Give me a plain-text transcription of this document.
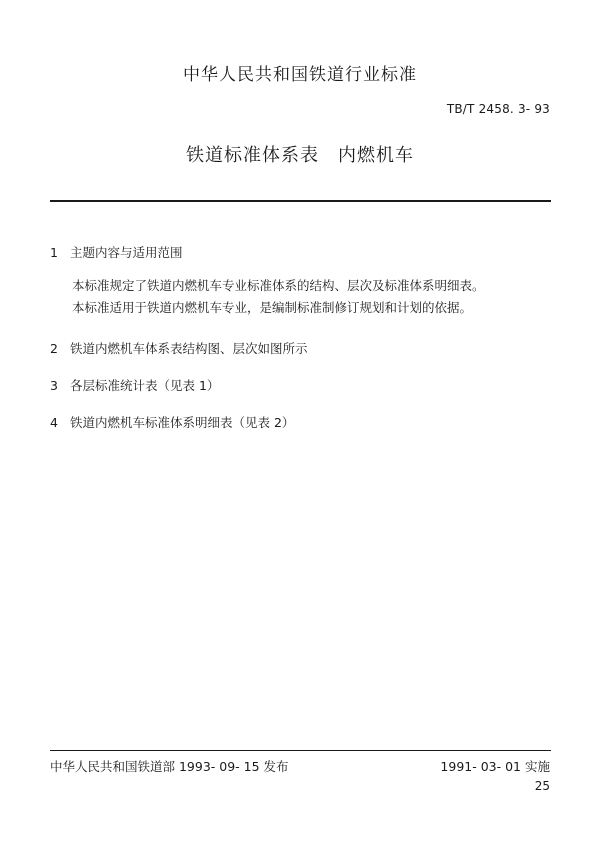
中华人民共和国铁道行业标准
TB/T 2458. 3- 93
铁道标准体系表　内燃机车
1 主题内容与适用范围
本标准规定了铁道内燃机车专业标准体系的结构、层次及标准体系明细表。
本标准适用于铁道内燃机车专业，是编制标准制修订规划和计划的依据。
2 铁道内燃机车体系表结构图、层次如图所示
3 各层标准统计表（见表 1）
4 铁道内燃机车标准体系明细表（见表 2）
中华人民共和国铁道部 1993- 09- 15 发布	1991- 03- 01 实施
25
